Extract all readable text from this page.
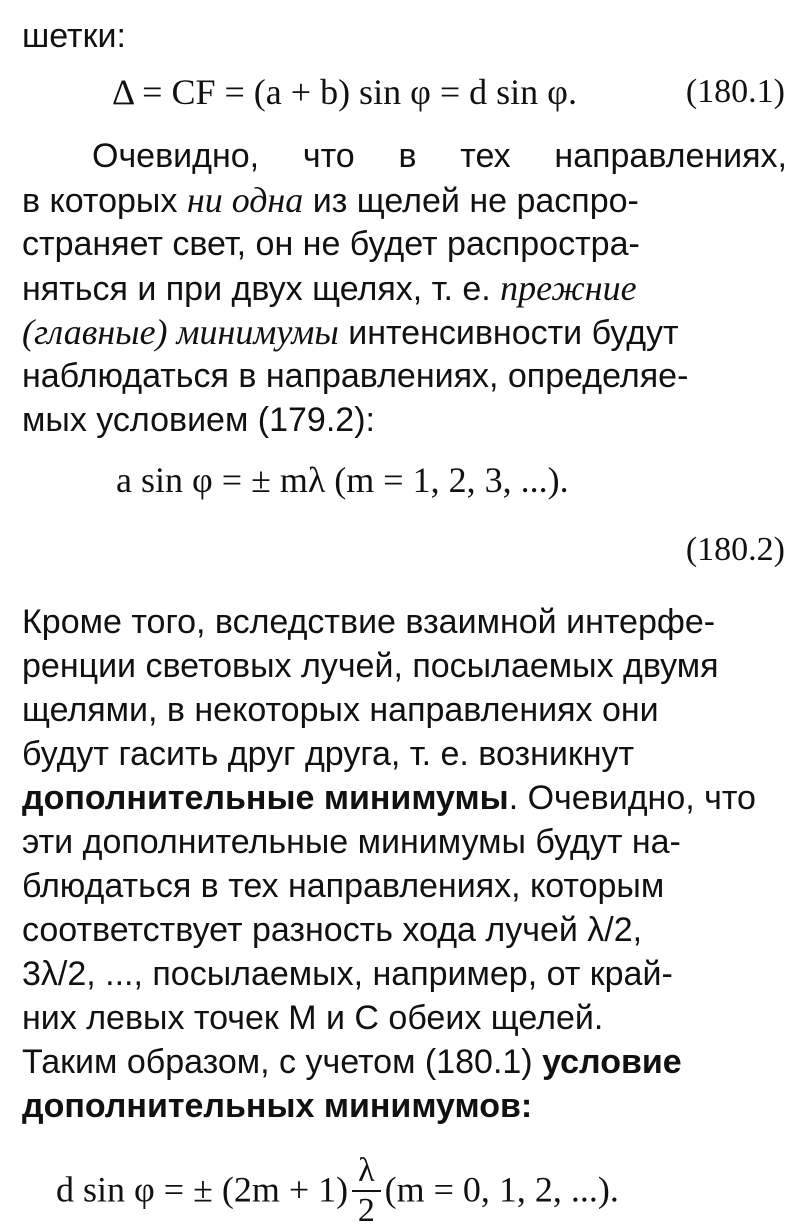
шетки:
Δ = CF = (a + b) sin φ = d sin φ.	(180.1)
Очевидно, что в тех направлениях,
в которых ни одна из щелей не распро-
страняет свет, он не будет распростра-
няться и при двух щелях, т. е. прежние
(главные) минимумы интенсивности будут
наблюдаться в направлениях, определяе-
мых условием (179.2):
a sin φ = ± mλ (m = 1, 2, 3, ...).
(180.2)
Кроме того, вследствие взаимной интерфе-
ренции световых лучей, посылаемых двумя
щелями, в некоторых направлениях они
будут гасить друг друга, т. е. возникнут
дополнительные минимумы. Очевидно, что
эти дополнительные минимумы будут на-
блюдаться в тех направлениях, которым
соответствует разность хода лучей λ/2,
3λ/2, ..., посылаемых, например, от край-
них левых точек M и C обеих щелей.
Таким образом, с учетом (180.1) условие
дополнительных минимумов:
d sin φ = ± $(2m + 1) \frac{\lambda}{2} (m = 0$, 1, 2, ...).
